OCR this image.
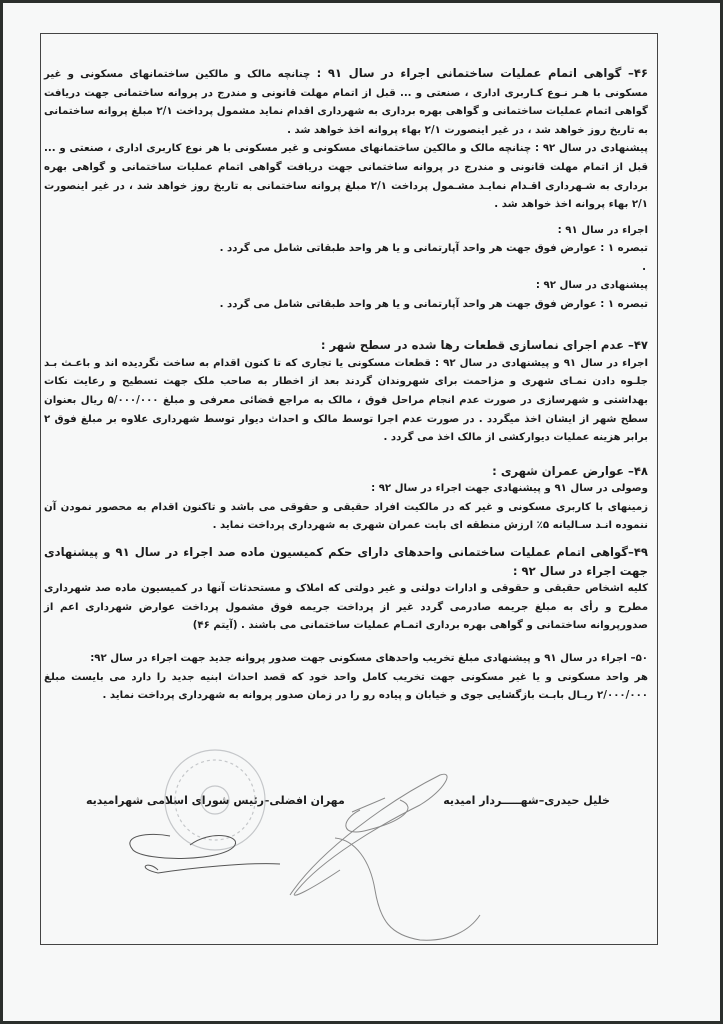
۴۶– گواهی اتمام عملیات ساختمانی اجراء در سال ۹۱ : چنانچه مالک و مالکین ساختمانهای مسکونی و غیر مسکونی با هـر نـوع کـاربری اداری ، صنعتی و ... قبل از اتمام مهلت قانونی و مندرج در پروانه ساختمانی جهت دریافت گواهی اتمام عملیات ساختمانی و گواهی بهره برداری به شهرداری اقدام نماید مشمول پرداخت ۲/۱ مبلغ پروانه ساختمانی به تاریخ روز خواهد شد ، در غیر اینصورت ۲/۱ بهاء پروانه اخذ خواهد شد .

پیشنهادی در سال ۹۲ : چنانچه مالک و مالکین ساختمانهای مسکونی و غیر مسکونی با هر نوع کاربری اداری ، صنعتی و ... قبل از اتمام مهلت قانونی و مندرج در پروانه ساختمانی جهت دریافت گواهی اتمام عملیات ساختمانی و گواهی بهره برداری به شـهرداری اقـدام نمایـد مشـمول پرداخت ۲/۱ مبلغ پروانه ساختمانی به تاریخ روز خواهد شد ، در غیر اینصورت ۲/۱ بهاء پروانه اخذ خواهد شد .

اجراء در سال ۹۱ :

تبصره ۱ : عوارض فوق جهت هر واحد آپارتمانی و یا هر واحد طبقاتی شامل می گردد .

.

پیشنهادی در سال ۹۲ :

تبصره ۱ : عوارض فوق جهت هر واحد آپارتمانی و یا هر واحد طبقاتی شامل می گردد .

۴۷– عدم اجرای نماسازی قطعات رها شده در سطح شهر :

اجراء در سال ۹۱ و پیشنهادی در سال ۹۲ : قطعات مسکونی یا تجاری که تا کنون اقدام به ساخت نگردیده اند و باعـث بـد جلـوه دادن نمـای شهری و مزاحمت برای شهروندان گردند بعد از اخطار به صاحب ملک جهت تسطیح و رعایت نکات بهداشتی و شهرسازی در صورت عدم انجام مراحل فوق ، مالک به مراجع قضائی معرفی و مبلغ ۵/۰۰۰/۰۰۰ ریال بعنوان سطح شهر از ایشان اخذ میگردد . در صورت عدم اجرا توسط مالک و احداث دیوار توسط شهرداری علاوه بر مبلغ فوق ۲ برابر هزینه عملیات دیوارکشی از مالک اخذ می گردد .

۴۸– عوارض عمران شهری :

وصولی در سال ۹۱ و پیشنهادی جهت اجراء در سال ۹۲ :

زمینهای با کاربری مسکونی و غیر که در مالکیت افراد حقیقی و حقوقی می باشد و تاکنون اقدام به محصور نمودن آن ننموده انـد سـالیانه ۵٪ ارزش منطقه ای بابت عمران شهری به شهرداری پرداخت نماید .

۴۹–گواهی اتمام عملیات ساختمانی واحدهای دارای حکم کمیسیون ماده صد اجراء در سال ۹۱ و پیشنهادی جهت اجراء در سال ۹۲ :

کلیه اشخاص حقیقی و حقوقی و ادارات دولتی و غیر دولتی که املاک و مستحدثات آنها در کمیسیون ماده صد شهرداری مطرح و رأی به مبلغ جریمه صادرمی گردد غیر از پرداخت جریمه فوق مشمول پرداخت عوارض شهرداری اعم از صدورپروانه ساختمانی و گواهی بهره برداری اتمـام عملیات ساختمانی می باشند . (آیتم ۴۶)

۵۰– اجراء در سال ۹۱ و پیشنهادی مبلغ تخریب واحدهای مسکونی جهت صدور پروانه جدید جهت اجراء در سال ۹۲:

هر واحد مسکونی و یا غیر مسکونی جهت تخریب کامل واحد خود که قصد احداث ابنیه جدید را دارد می بایست مبلغ ۲/۰۰۰/۰۰۰ ریـال بابـت بازگشایی جوی و خیابان و پیاده رو را در زمان صدور پروانه به شهرداری پرداخت نماید .

خلیل حیدری–شهـــــردار امیدیه
مهران افضلی–رئیس شورای اسلامی شهرامیدیه
